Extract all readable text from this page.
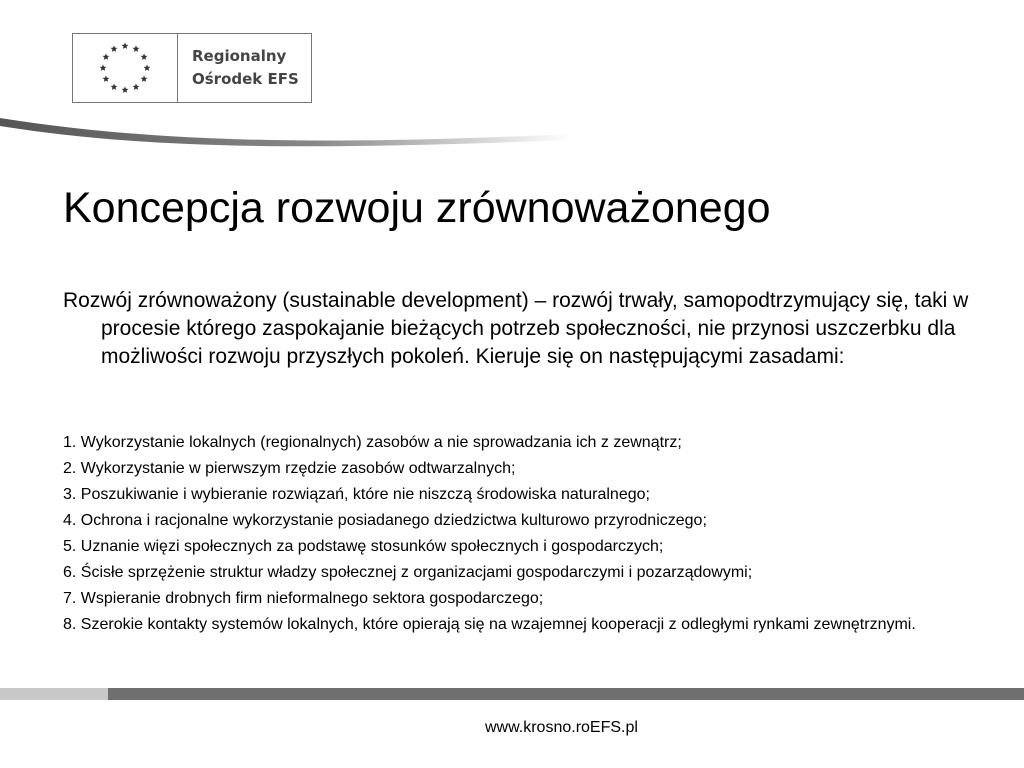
Regionalny
Ośrodek EFS
Koncepcja rozwoju zrównoważonego

Rozwój zrównoważony (sustainable development) – rozwój trwały, samopodtrzymujący się, taki w procesie którego zaspokajanie bieżących potrzeb społeczności, nie przynosi uszczerbku dla możliwości rozwoju przyszłych pokoleń. Kieruje się on następującymi zasadami:

1. Wykorzystanie lokalnych (regionalnych) zasobów a nie sprowadzania ich z zewnątrz;
2. Wykorzystanie w pierwszym rzędzie zasobów odtwarzalnych;
3. Poszukiwanie i wybieranie rozwiązań, które nie niszczą środowiska naturalnego;
4. Ochrona i racjonalne wykorzystanie posiadanego dziedzictwa kulturowo przyrodniczego;
5. Uznanie więzi społecznych za podstawę stosunków społecznych i gospodarczych;
6. Ścisłe sprzężenie struktur władzy społecznej z organizacjami gospodarczymi i pozarządowymi;
7. Wspieranie drobnych firm nieformalnego sektora gospodarczego;
8. Szerokie kontakty systemów lokalnych, które opierają się na wzajemnej kooperacji z odległymi rynkami zewnętrznymi.
www.krosno.roEFS.pl
